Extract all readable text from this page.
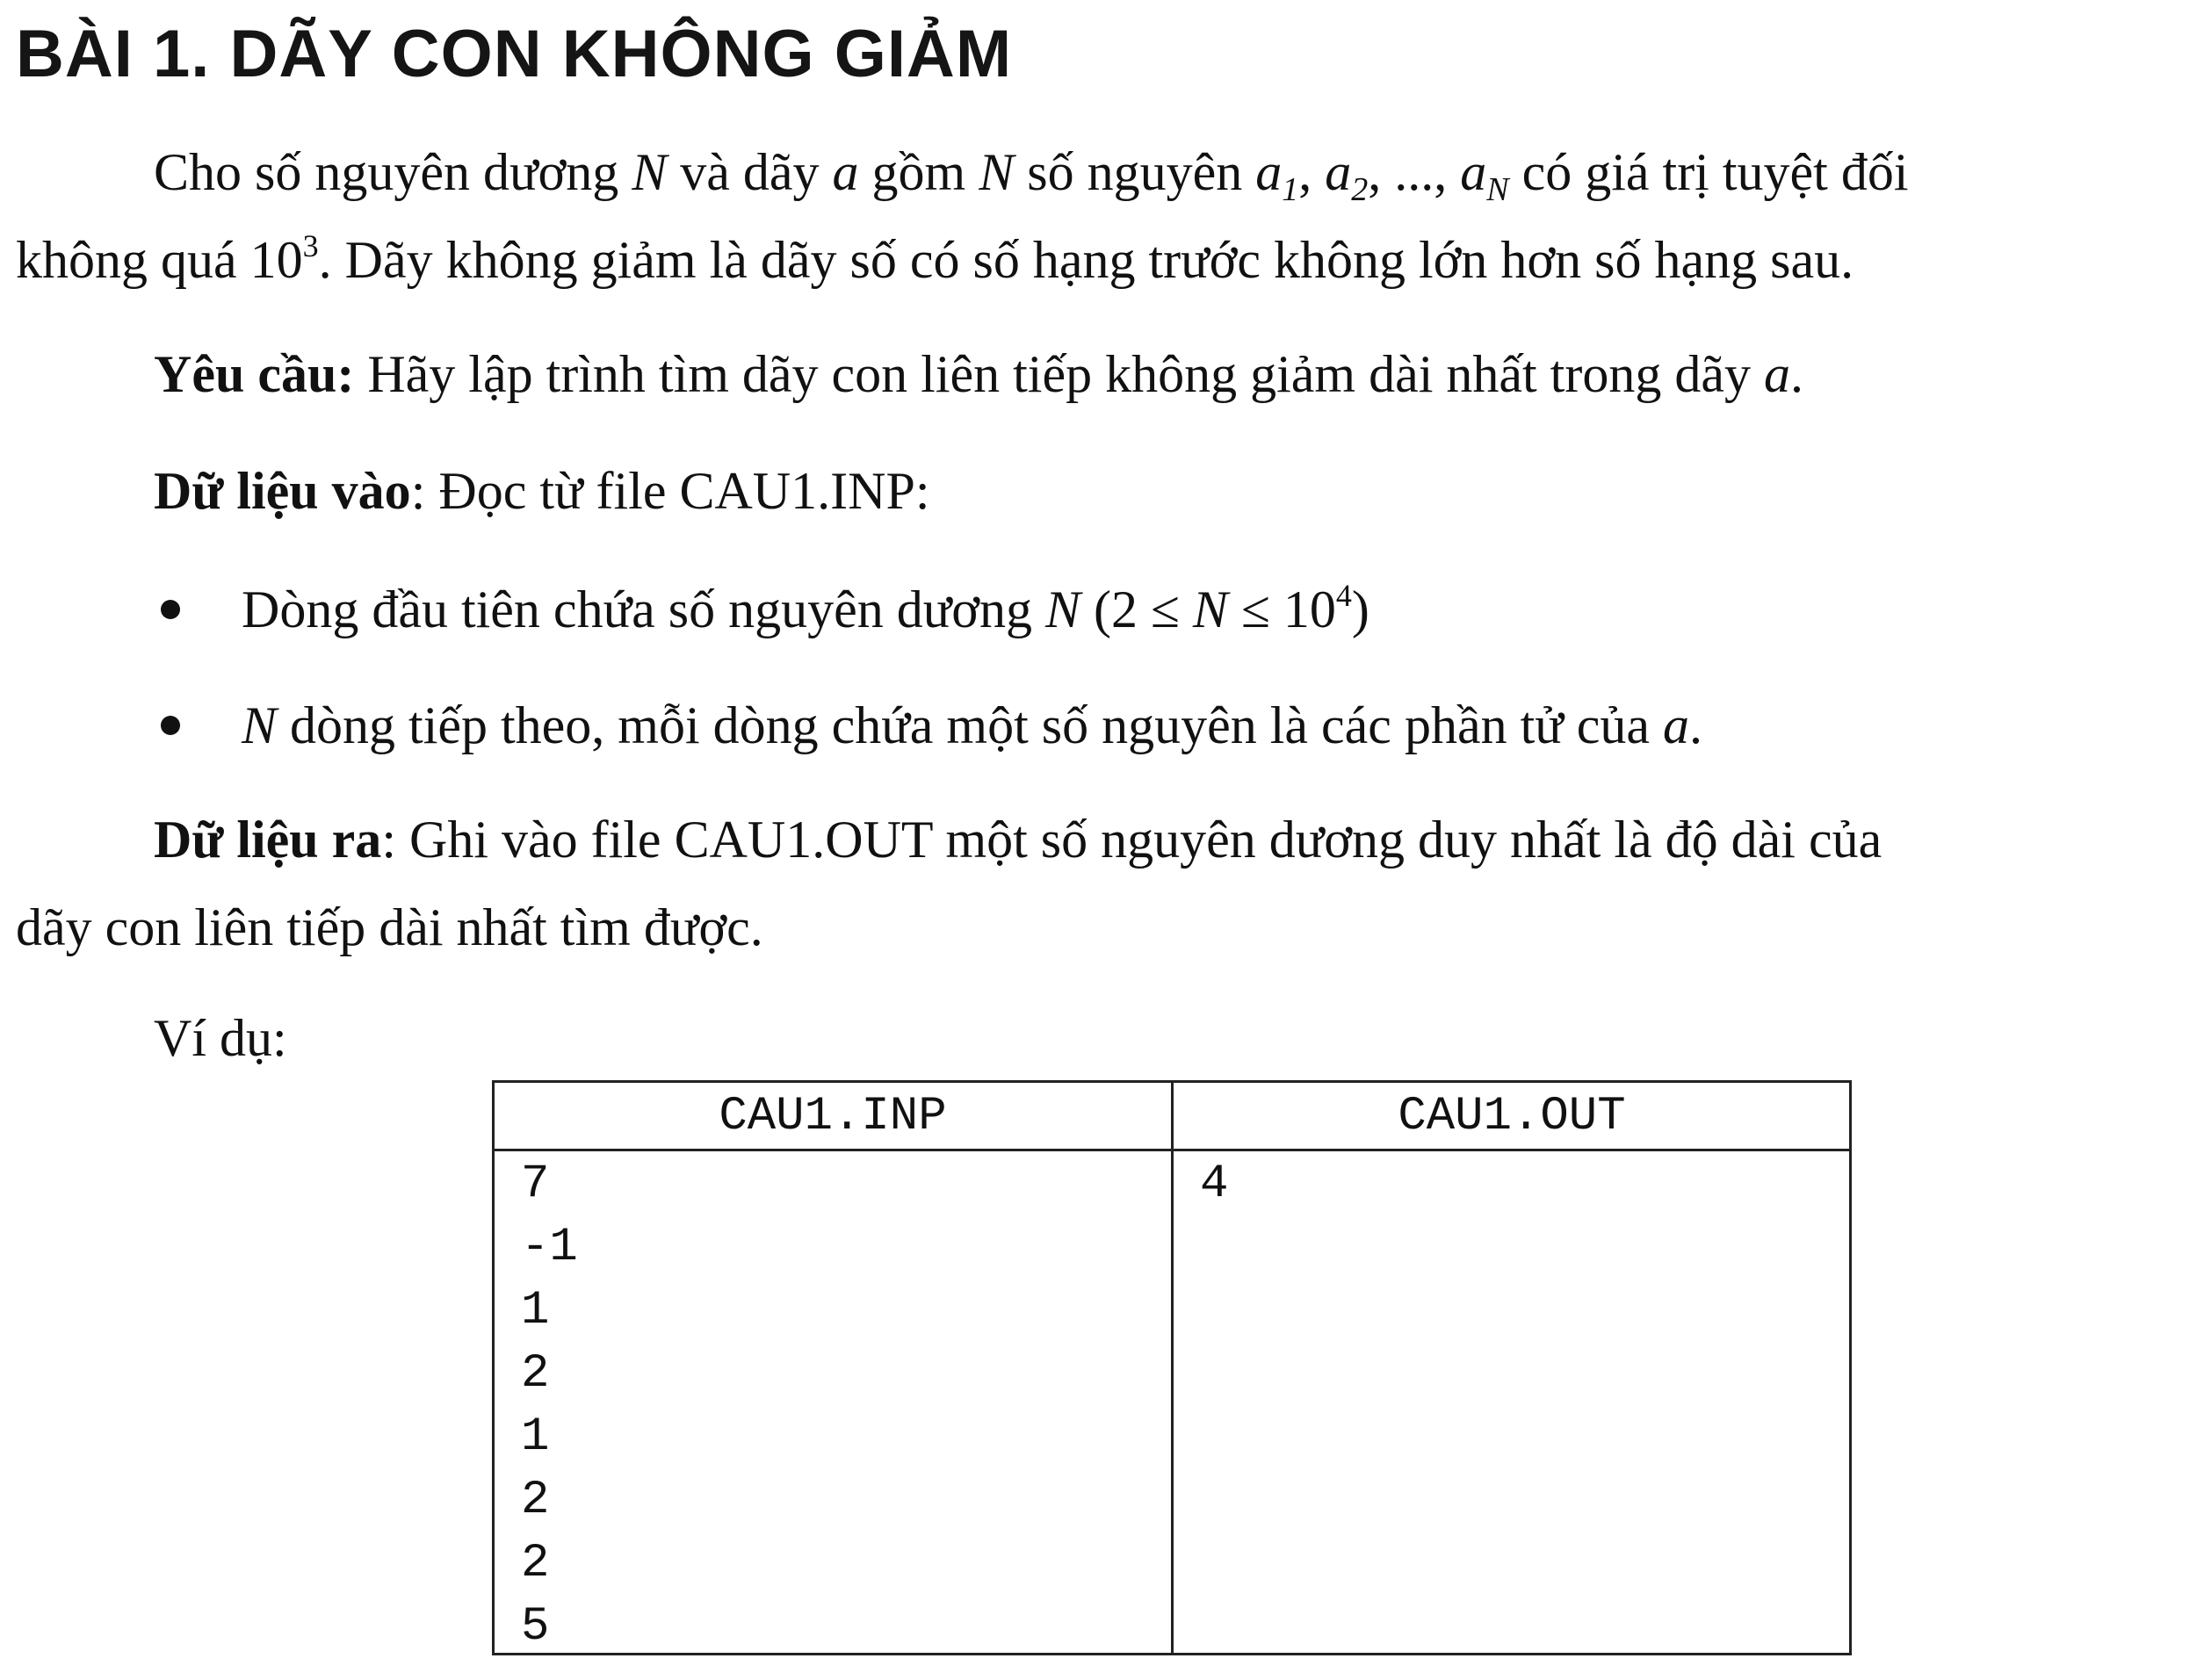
BÀI 1. DÃY CON KHÔNG GIẢM
Cho số nguyên dương N và dãy a gồm N số nguyên $a_1$, $a_2$, ..., $a_N$ có giá trị tuyệt đối
không quá $10^3$. Dãy không giảm là dãy số có số hạng trước không lớn hơn số hạng sau.
Yêu cầu: Hãy lập trình tìm dãy con liên tiếp không giảm dài nhất trong dãy a.
Dữ liệu vào: Đọc từ file CAU1.INP:
Dòng đầu tiên chứa số nguyên dương N $(2 \le N \le 10^4)$
N dòng tiếp theo, mỗi dòng chứa một số nguyên là các phần tử của a.
Dữ liệu ra: Ghi vào file CAU1.OUT một số nguyên dương duy nhất là độ dài của
dãy con liên tiếp dài nhất tìm được.
Ví dụ:
CAU1.INP	CAU1.OUT
7
-1
1
2
1
2
2
5
4
